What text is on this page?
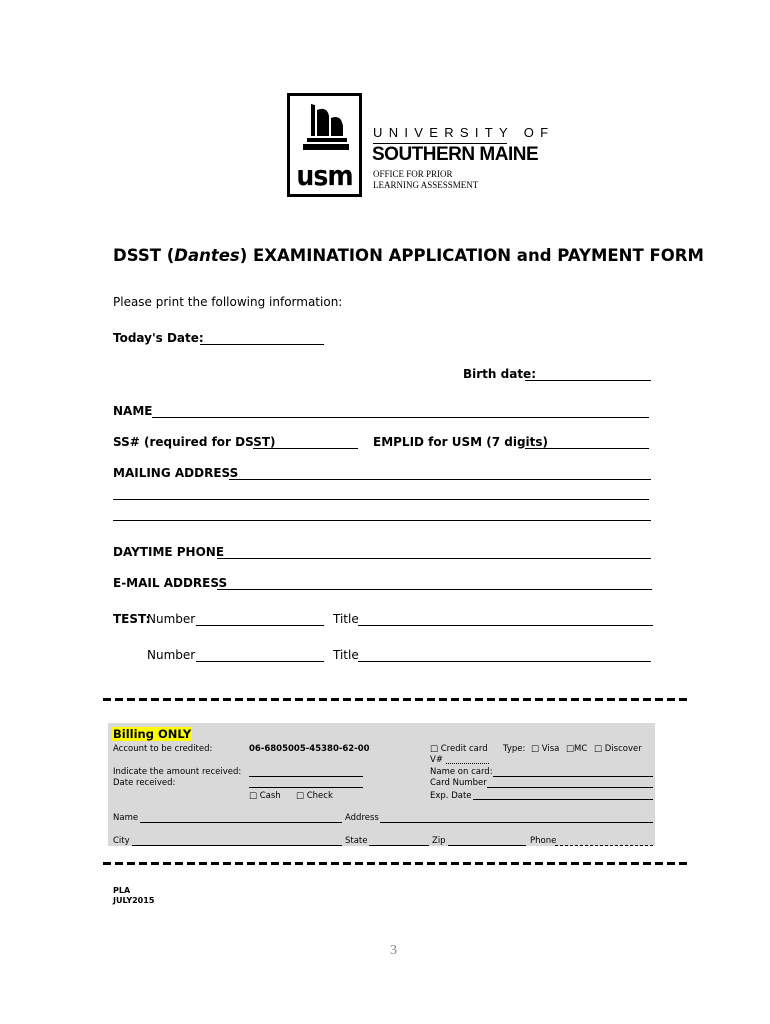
usm
UNIVERSITY OF
SOUTHERN MAINE
OFFICE FOR PRIOR
LEARNING ASSESSMENT
DSST (Dantes) EXAMINATION APPLICATION and PAYMENT FORM
Please print the following information:
Today's Date:
Birth date:
NAME
SS# (required for DSST)	EMPLID for USM (7 digits)
MAILING ADDRESS
DAYTIME PHONE
E-MAIL ADDRESS
TEST:
Number	Title
Number	Title
Billing ONLY
Account to be credited:	06-6805005-45380-62-00
Indicate the amount received:
Date received:
□ Cash □ Check
□ Credit card Type: □ Visa □MC □ Discover
V#
Name on card:
Card Number
Exp. Date
Name	Address
City	State	Zip	Phone
PLA
JULY2015
3
